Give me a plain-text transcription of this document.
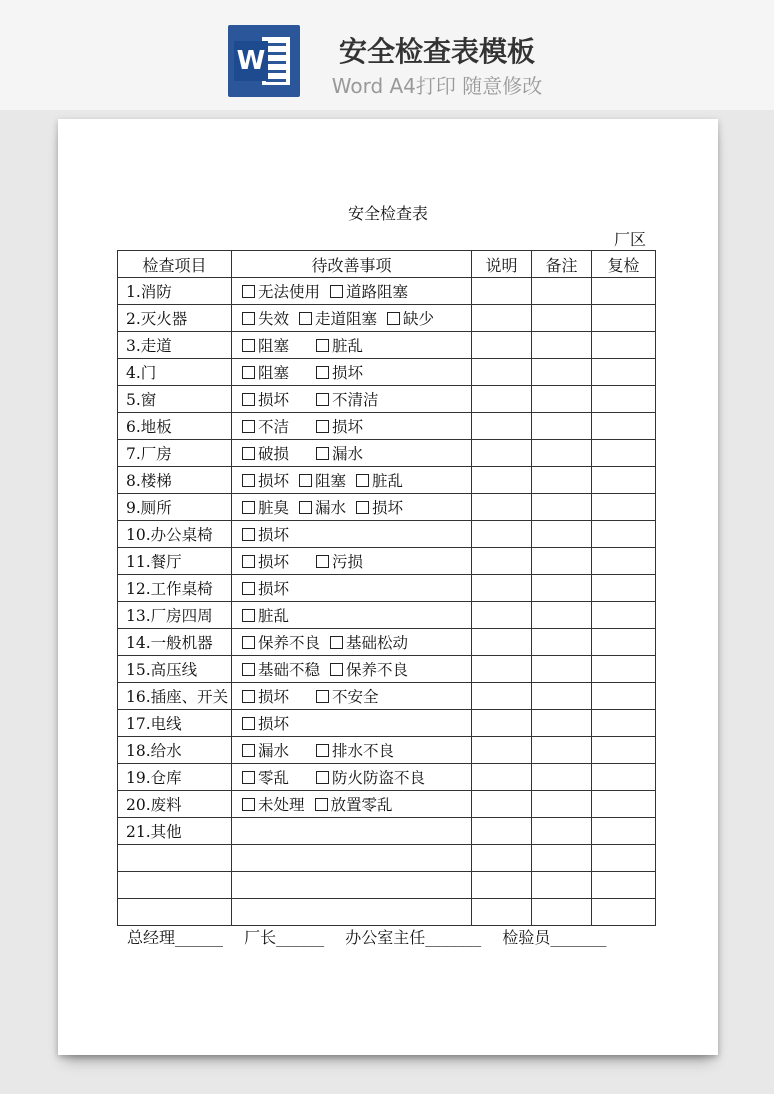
W	安全检查表模板
Word A4打印 随意修改
安全检查表
厂区
检查项目	待改善事项	说明	备注	复检
1.消防	无法使用 道路阻塞			
2.灭火器	失效 走道阻塞 缺少			
3.走道	阻塞 脏乱			
4.门	阻塞 损坏			
5.窗	损坏 不清洁			
6.地板	不洁 损坏			
7.厂房	破损 漏水			
8.楼梯	损坏 阻塞 脏乱			
9.厕所	脏臭 漏水 损坏			
10.办公桌椅	损坏			
11.餐厅	损坏 污损			
12.工作桌椅	损坏			
13.厂房四周	脏乱			
14.一般机器	保养不良 基础松动			
15.高压线	基础不稳 保养不良			
16.插座、开关	损坏 不安全			
17.电线	损坏			
18.给水	漏水 排水不良			
19.仓库	零乱 防火防盗不良			
20.废料	未处理 放置零乱			
21.其他				

总经理______ 厂长______ 办公室主任_______ 检验员_______
